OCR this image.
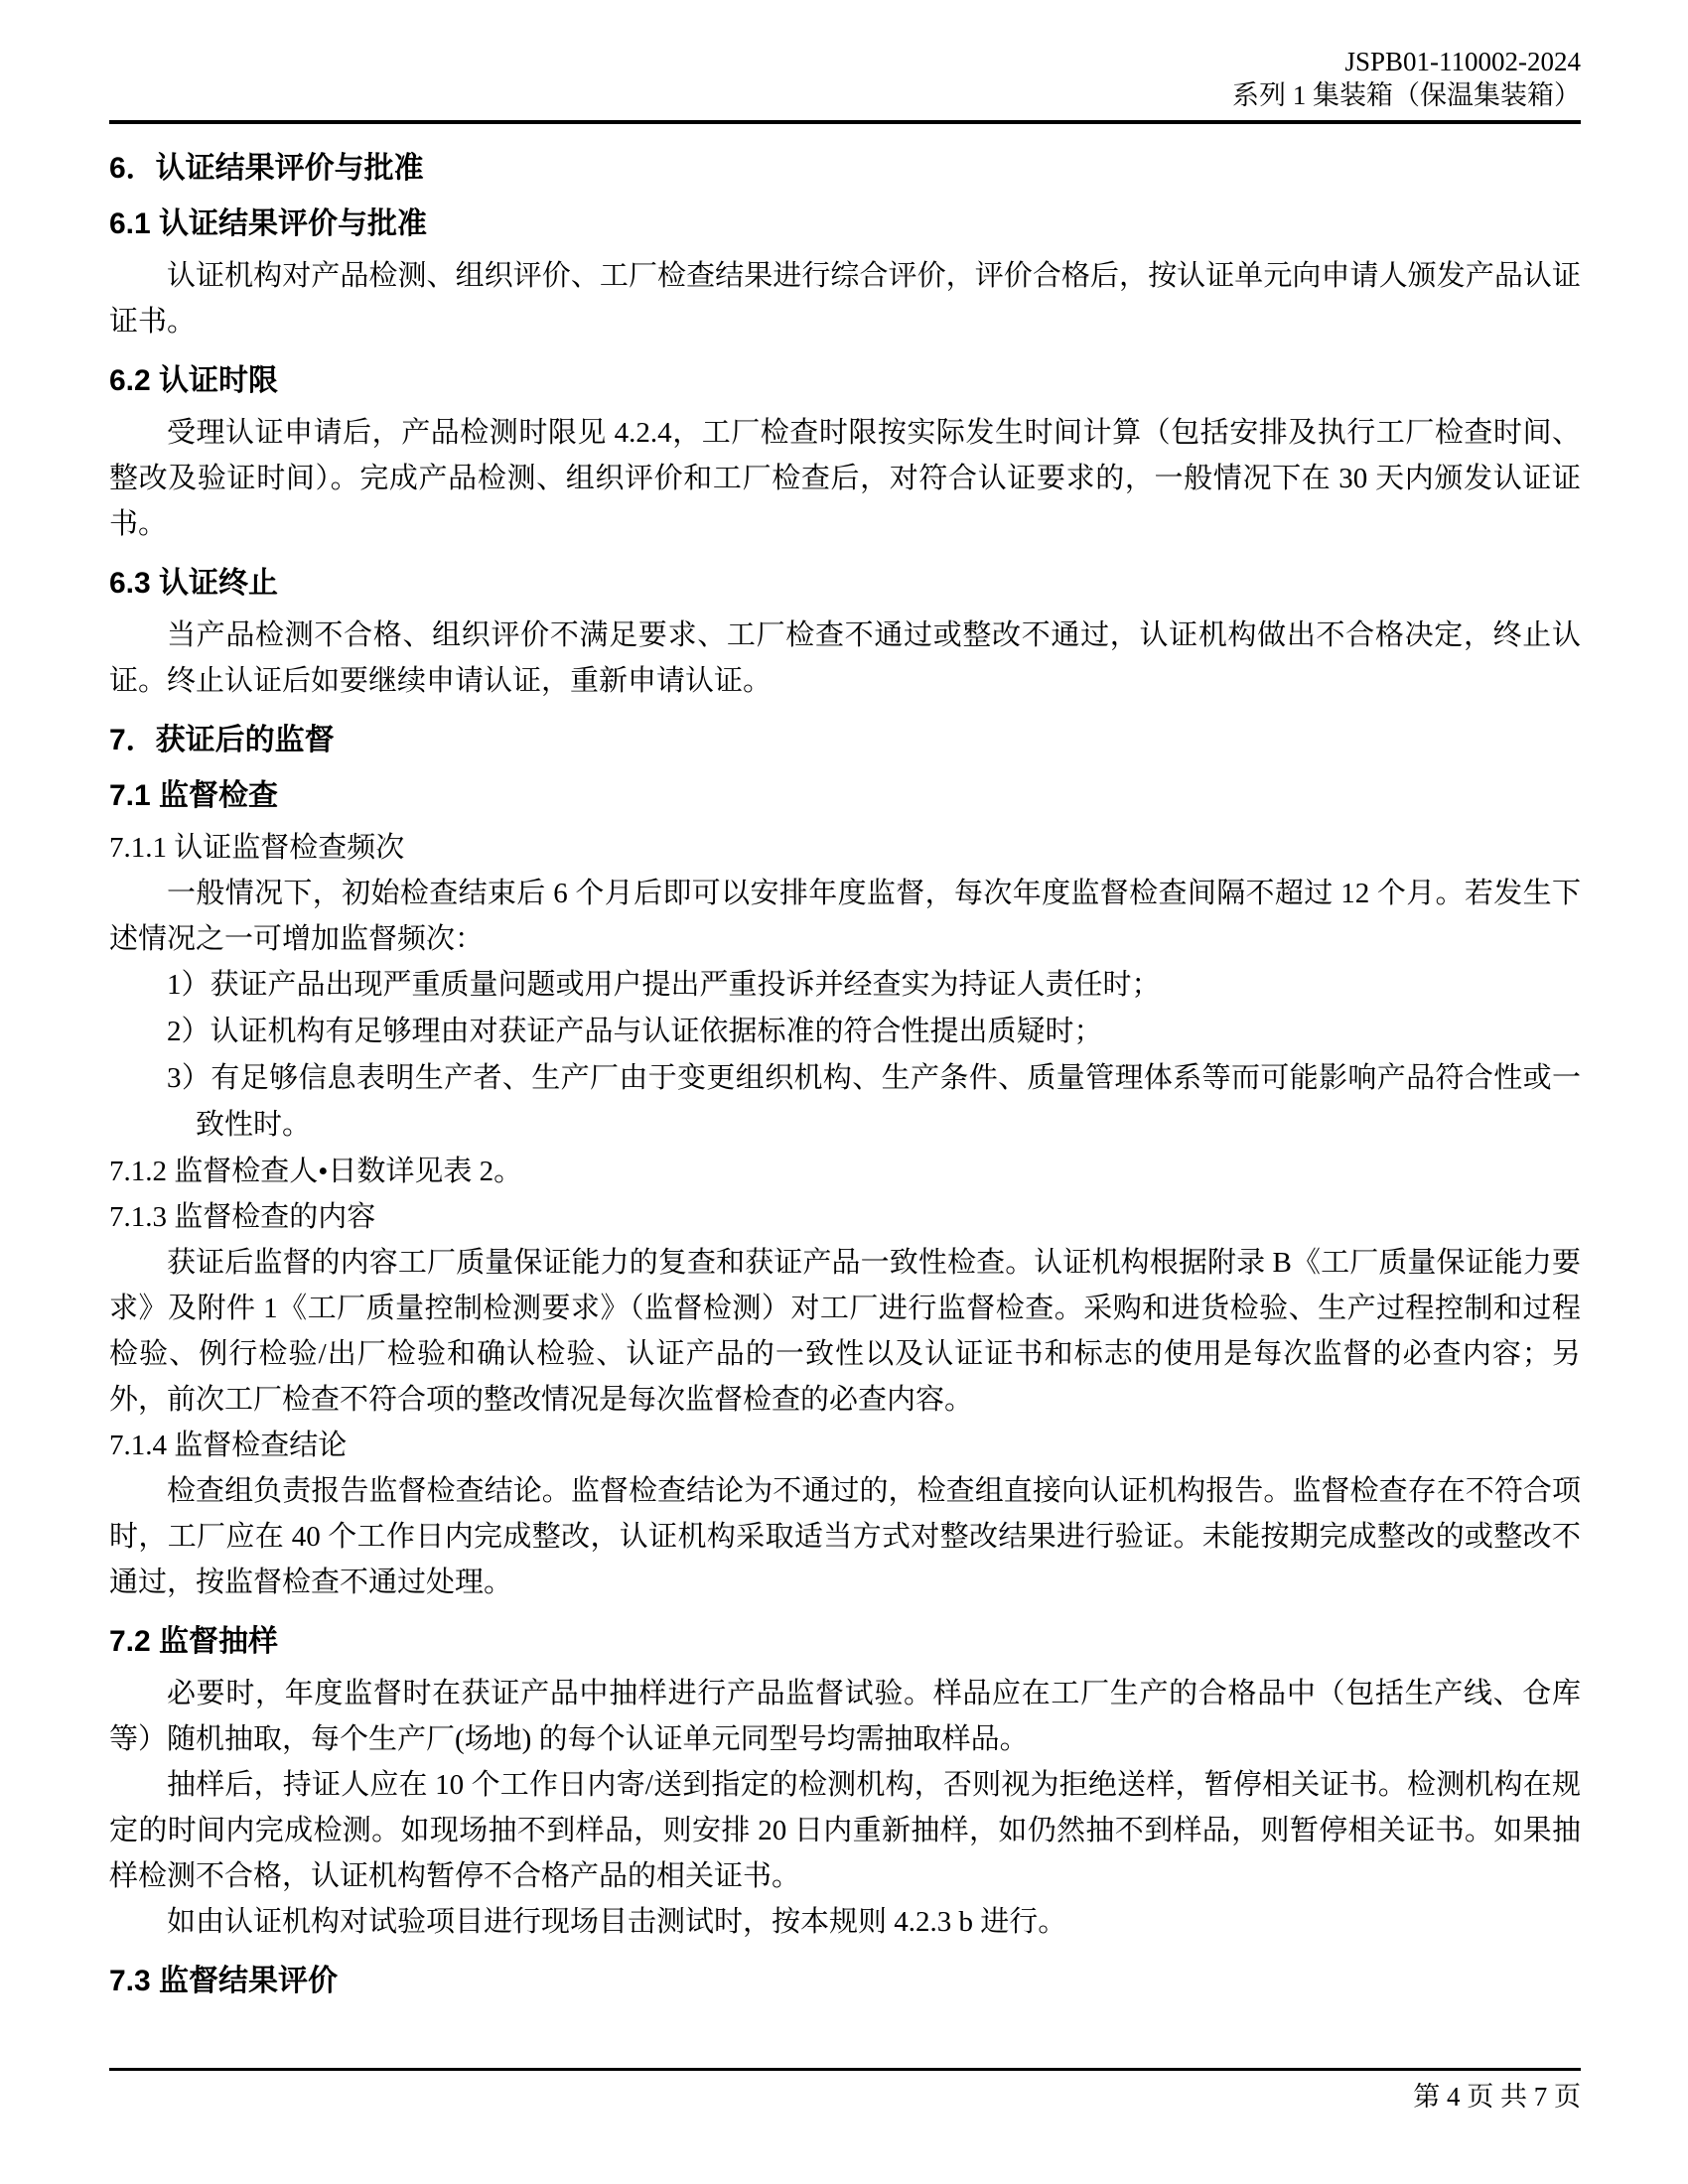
JSPB01-110002-2024
系列 1 集装箱（保温集装箱）
6．认证结果评价与批准
6.1 认证结果评价与批准

认证机构对产品检测、组织评价、工厂检查结果进行综合评价，评价合格后，按认证单元向申请人颁发产品认证证书。

6.2 认证时限

受理认证申请后，产品检测时限见 4.2.4，工厂检查时限按实际发生时间计算（包括安排及执行工厂检查时间、整改及验证时间）。完成产品检测、组织评价和工厂检查后，对符合认证要求的，一般情况下在 30 天内颁发认证证书。

6.3 认证终止

当产品检测不合格、组织评价不满足要求、工厂检查不通过或整改不通过，认证机构做出不合格决定，终止认证。终止认证后如要继续申请认证，重新申请认证。

7．获证后的监督
7.1 监督检查
7.1.1 认证监督检查频次

一般情况下，初始检查结束后 6 个月后即可以安排年度监督，每次年度监督检查间隔不超过 12 个月。若发生下述情况之一可增加监督频次：

1）获证产品出现严重质量问题或用户提出严重投诉并经查实为持证人责任时；
2）认证机构有足够理由对获证产品与认证依据标准的符合性提出质疑时；
3）有足够信息表明生产者、生产厂由于变更组织机构、生产条件、质量管理体系等而可能影响产品符合性或一致性时。
7.1.2 监督检查人•日数详见表 2。
7.1.3 监督检查的内容

获证后监督的内容工厂质量保证能力的复查和获证产品一致性检查。认证机构根据附录 B《工厂质量保证能力要求》及附件 1《工厂质量控制检测要求》（监督检测）对工厂进行监督检查。采购和进货检验、生产过程控制和过程检验、例行检验/出厂检验和确认检验、认证产品的一致性以及认证证书和标志的使用是每次监督的必查内容；另外，前次工厂检查不符合项的整改情况是每次监督检查的必查内容。

7.1.4 监督检查结论

检查组负责报告监督检查结论。监督检查结论为不通过的，检查组直接向认证机构报告。监督检查存在不符合项时，工厂应在 40 个工作日内完成整改，认证机构采取适当方式对整改结果进行验证。未能按期完成整改的或整改不通过，按监督检查不通过处理。

7.2 监督抽样

必要时，年度监督时在获证产品中抽样进行产品监督试验。样品应在工厂生产的合格品中（包括生产线、仓库等）随机抽取，每个生产厂(场地) 的每个认证单元同型号均需抽取样品。

抽样后，持证人应在 10 个工作日内寄/送到指定的检测机构，否则视为拒绝送样，暂停相关证书。检测机构在规定的时间内完成检测。如现场抽不到样品，则安排 20 日内重新抽样，如仍然抽不到样品，则暂停相关证书。如果抽样检测不合格，认证机构暂停不合格产品的相关证书。

如由认证机构对试验项目进行现场目击测试时，按本规则 4.2.3 b 进行。

7.3 监督结果评价
第 4 页 共 7 页
